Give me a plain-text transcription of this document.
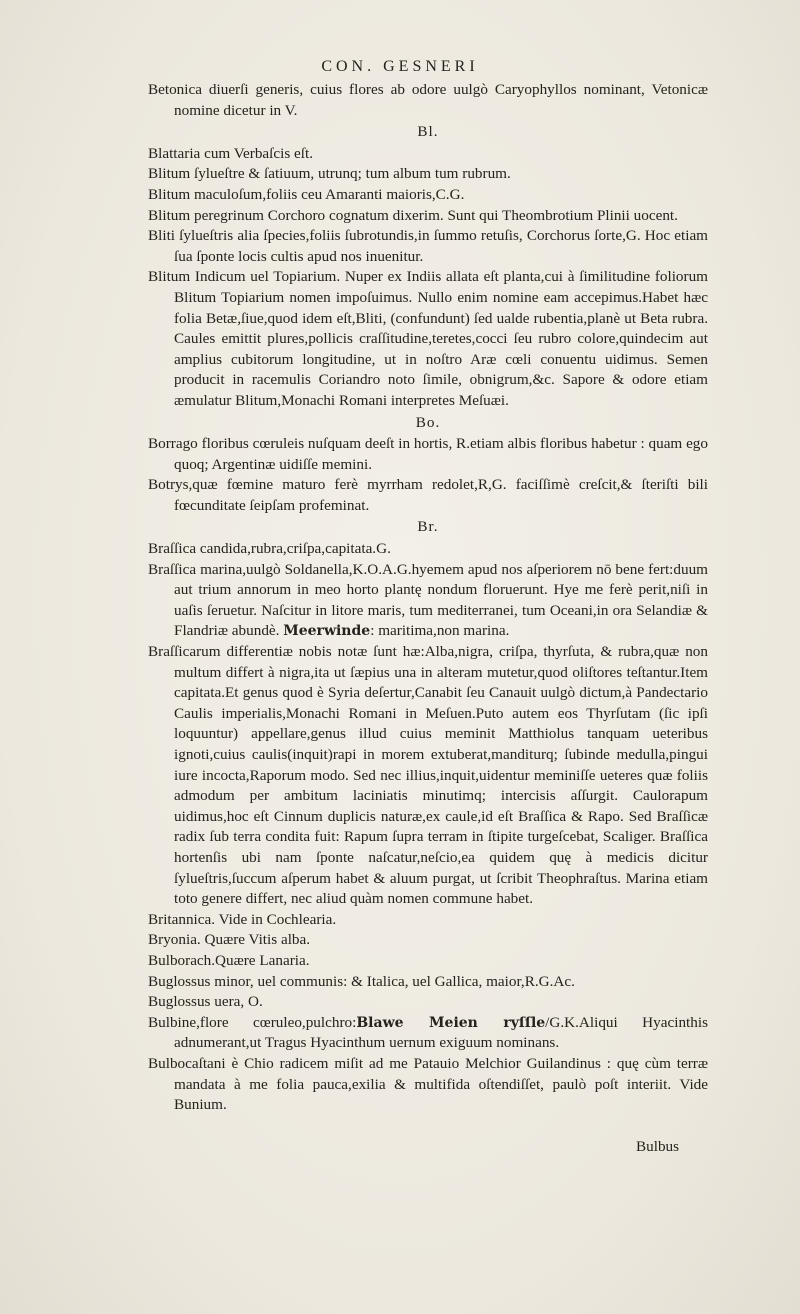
CON. GESNERI

Betonica diuerſi generis, cuius flores ab odore uulgò Caryophyllos nominant, Vetonicæ nomine dicetur in V.

Bl.

Blattaria cum Verbaſcis eſt.

Blitum ſylueſtre & ſatiuum, utrunq; tum album tum rubrum.

Blitum maculoſum,foliis ceu Amaranti maioris,C.G.

Blitum peregrinum Corchoro cognatum dixerim. Sunt qui Theombrotium Plinii uocent.

Bliti ſylueſtris alia ſpecies,foliis ſubrotundis,in ſummo retuſis, Corchorus ſorte,G. Hoc etiam ſua ſponte locis cultis apud nos inuenitur.

Blitum Indicum uel Topiarium. Nuper ex Indiis allata eſt planta,cui à ſimilitudine foliorum Blitum Topiarium nomen impoſuimus. Nullo enim nomine eam accepimus.Habet hæc folia Betæ,ſiue,quod idem eſt,Bliti, (confundunt) ſed ualde rubentia,planè ut Beta rubra. Caules emittit plures,pollicis craſſitudine,teretes,cocci ſeu rubro colore,quindecim aut amplius cubitorum longitudine, ut in noſtro Aræ cœli conuentu uidimus. Semen producit in racemulis Coriandro noto ſimile, obnigrum,&c. Sapore & odore etiam æmulatur Blitum,Monachi Romani interpretes Meſuæi.

Bo.

Borrago floribus cœruleis nuſquam deeſt in hortis, R.etiam albis floribus habetur : quam ego quoq; Argentinæ uidiſſe memini.

Botrys,quæ fœmine maturo ferè myrrham redolet,R,G. faciſſimè creſcit,& ſteriſti bili fœcunditate ſeipſam profeminat.

Br.

Braſſica candida,rubra,criſpa,capitata.G.

Braſſica marina,uulgò Soldanella,K.O.A.G.hyemem apud nos aſperiorem nō bene fert:duum aut trium annorum in meo horto plantę nondum floruerunt. Hye me ferè perit,niſi in uaſis ſeruetur. Naſcitur in litore maris, tum mediterranei, tum Oceani,in ora Selandiæ & Flandriæ abundè. Meerwinde: maritima,non marina.

Braſſicarum differentiæ nobis notæ ſunt hæ:Alba,nigra, criſpa, thyrſuta, & rubra,quæ non multum differt à nigra,ita ut ſæpius una in alteram mutetur,quod oliſtores teſtantur.Item capitata.Et genus quod è Syria deſertur,Canabit ſeu Canauit uulgò dictum,à Pandectario Caulis imperialis,Monachi Romani in Meſuen.Puto autem eos Thyrſutam (ſic ipſi loquuntur) appellare,genus illud cuius meminit Matthiolus tanquam ueteribus ignoti,cuius caulis(inquit)rapi in morem extuberat,manditurq; ſubinde medulla,pingui iure incocta,Raporum modo. Sed nec illius,inquit,uidentur meminiſſe ueteres quæ foliis admodum per ambitum laciniatis minutimq; intercisis aſſurgit. Caulorapum uidimus,hoc eſt Cinnum duplicis naturæ,ex caule,id eſt Braſſica & Rapo. Sed Braſſicæ radix ſub terra condita fuit: Rapum ſupra terram in ſtipite turgeſcebat, Scaliger. Braſſica hortenſis ubi nam ſponte naſcatur,neſcio,ea quidem quę à medicis dicitur ſylueſtris,ſuccum aſperum habet & aluum purgat, ut ſcribit Theophraſtus. Marina etiam toto genere differt, nec aliud quàm nomen commune habet.

Britannica. Vide in Cochlearia.

Bryonia. Quære Vitis alba.

Bulborach.Quære Lanaria.

Buglossus minor, uel communis: & Italica, uel Gallica, maior,R.G.Ac.

Buglossus uera, O.

Bulbine,flore cœruleo,pulchro:Blawe Meien ryſſle/G.K.Aliqui Hyacinthis adnumerant,ut Tragus Hyacinthum uernum exiguum nominans.

Bulbocaſtani è Chio radicem miſit ad me Patauio Melchior Guilandinus : quę cùm terræ mandata à me folia pauca,exilia & multifida oſtendiſſet, paulò poſt interiit. Vide Bunium.

Bulbus
